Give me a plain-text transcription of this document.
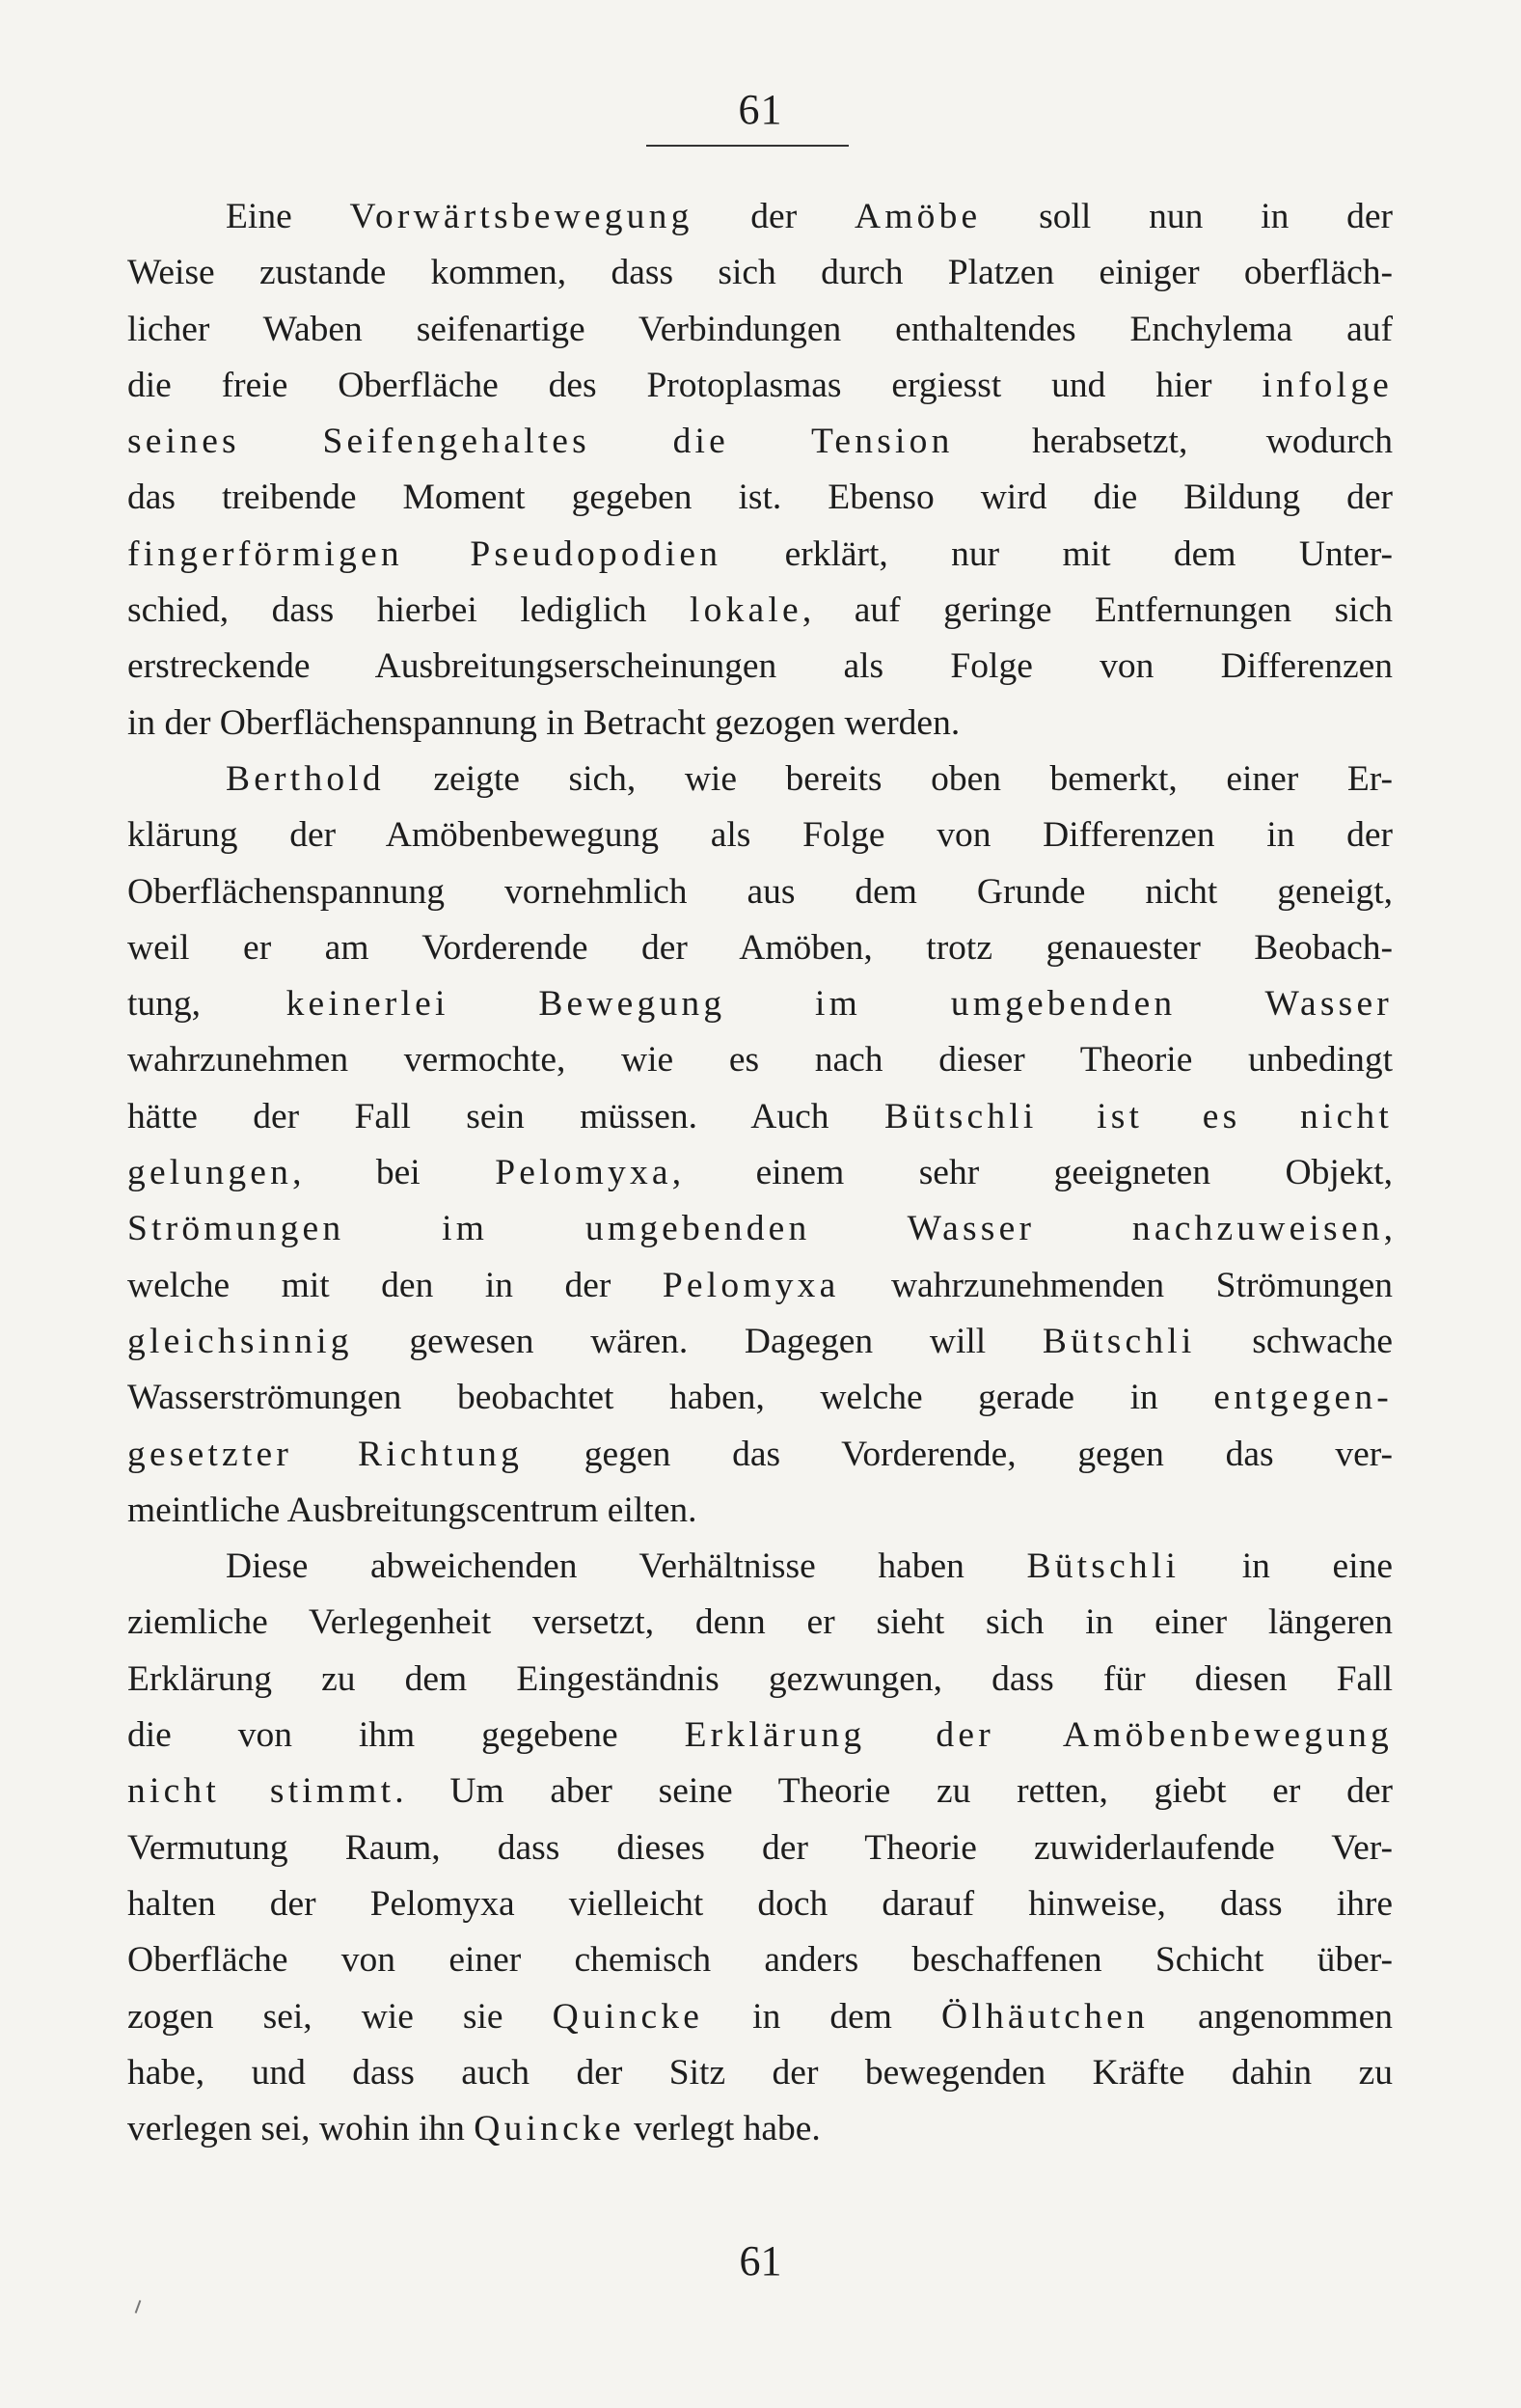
61

Eine Vorwärtsbewegung der Amöbe soll nun in der
Weise zustande kommen, dass sich durch Platzen einiger oberfläch-
licher Waben seifenartige Verbindungen enthaltendes Enchylema auf
die freie Oberfläche des Protoplasmas ergiesst und hier infolge
seines Seifengehaltes die Tension herabsetzt, wodurch
das treibende Moment gegeben ist. Ebenso wird die Bildung der
fingerförmigen Pseudopodien erklärt, nur mit dem Unter-
schied, dass hierbei lediglich lokale, auf geringe Entfernungen sich
erstreckende Ausbreitungserscheinungen als Folge von Differenzen
in der Oberflächenspannung in Betracht gezogen werden.

Berthold zeigte sich, wie bereits oben bemerkt, einer Er-
klärung der Amöbenbewegung als Folge von Differenzen in der
Oberflächenspannung vornehmlich aus dem Grunde nicht geneigt,
weil er am Vorderende der Amöben, trotz genauester Beobach-
tung, keinerlei Bewegung im umgebenden Wasser
wahrzunehmen vermochte, wie es nach dieser Theorie unbedingt
hätte der Fall sein müssen. Auch Bütschli ist es nicht
gelungen, bei Pelomyxa, einem sehr geeigneten Objekt,
Strömungen im umgebenden Wasser nachzuweisen,
welche mit den in der Pelomyxa wahrzunehmenden Strömungen
gleichsinnig gewesen wären. Dagegen will Bütschli schwache
Wasserströmungen beobachtet haben, welche gerade in entgegen-
gesetzter Richtung gegen das Vorderende, gegen das ver-
meintliche Ausbreitungscentrum eilten.

Diese abweichenden Verhältnisse haben Bütschli in eine
ziemliche Verlegenheit versetzt, denn er sieht sich in einer längeren
Erklärung zu dem Eingeständnis gezwungen, dass für diesen Fall
die von ihm gegebene Erklärung der Amöbenbewegung
nicht stimmt. Um aber seine Theorie zu retten, giebt er der
Vermutung Raum, dass dieses der Theorie zuwiderlaufende Ver-
halten der Pelomyxa vielleicht doch darauf hinweise, dass ihre
Oberfläche von einer chemisch anders beschaffenen Schicht über-
zogen sei, wie sie Quincke in dem Ölhäutchen angenommen
habe, und dass auch der Sitz der bewegenden Kräfte dahin zu
verlegen sei, wohin ihn Quincke verlegt habe.

61
